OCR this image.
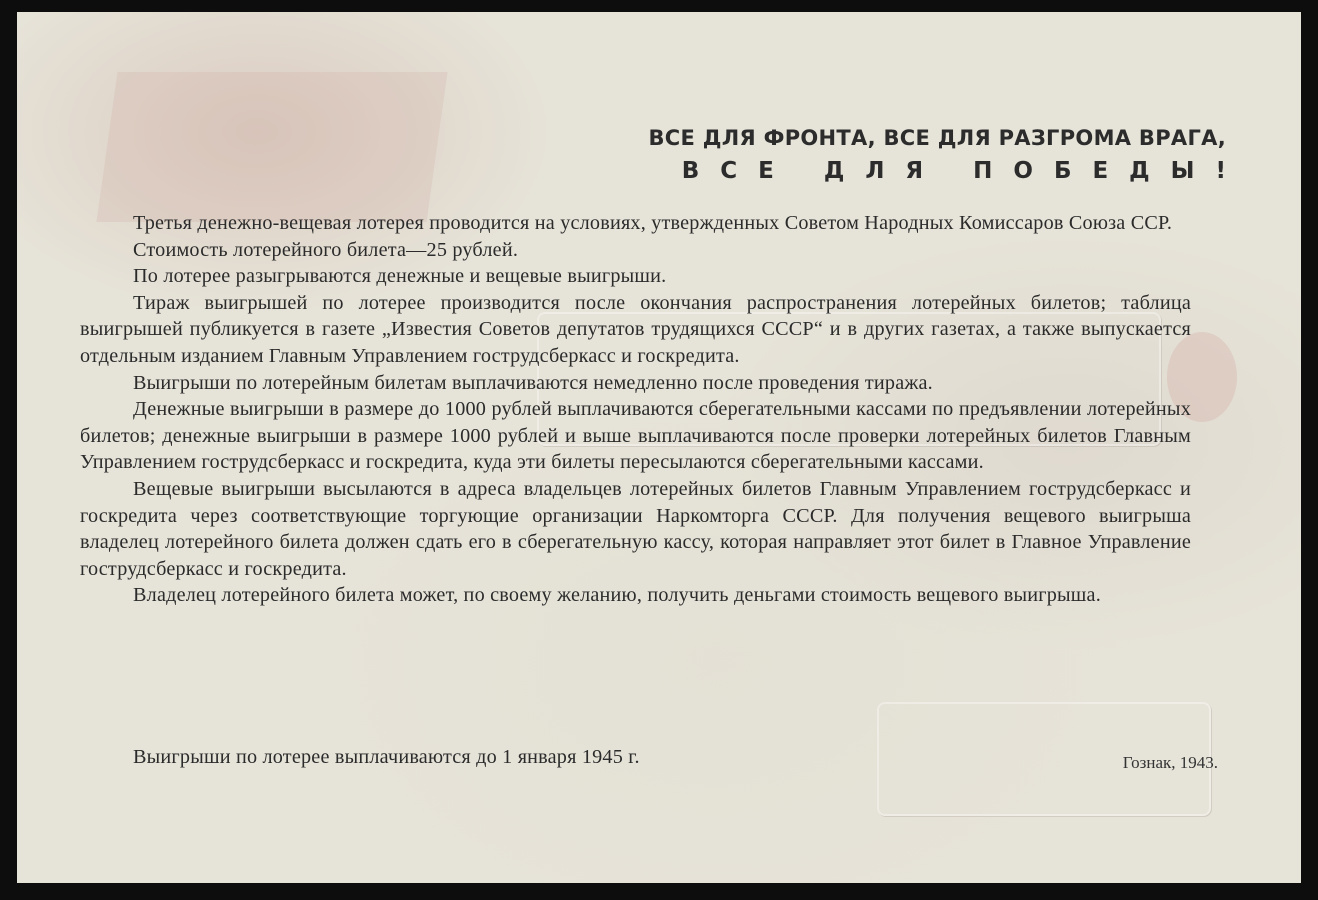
ВСЕ ДЛЯ ФРОНТА, ВСЕ ДЛЯ РАЗГРОМА ВРАГА,
ВСЕ ДЛЯ ПОБЕДЫ!

Третья денежно-вещевая лотерея проводится на условиях, утвержденных Советом Народных Комиссаров Союза ССР.

Стоимость лотерейного билета—25 рублей.

По лотерее разыгрываются денежные и вещевые выигрыши.

Тираж выигрышей по лотерее производится после окончания распространения лотерейных билетов; таблица выигрышей публикуется в газете „Известия Советов депутатов трудящихся СССР“ и в других газетах, а также выпускается отдельным изданием Главным Управлением гострудсберкасс и госкредита.

Выигрыши по лотерейным билетам выплачиваются немедленно после проведения тиража.

Денежные выигрыши в размере до 1000 рублей выплачиваются сберегательными кассами по предъявлении лотерейных билетов; денежные выигрыши в размере 1000 рублей и выше выплачиваются после проверки лотерейных билетов Главным Управлением гострудсберкасс и госкредита, куда эти билеты пересылаются сберегательными кассами.

Вещевые выигрыши высылаются в адреса владельцев лотерейных билетов Главным Управлением гострудсберкасс и госкредита через соответствующие торгующие организации Наркомторга СССР. Для получения вещевого выигрыша владелец лотерейного билета должен сдать его в сберегательную кассу, которая направляет этот билет в Главное Управление гострудсберкасс и госкредита.

Владелец лотерейного билета может, по своему желанию, получить деньгами стоимость вещевого выигрыша.

Выигрыши по лотерее выплачиваются до 1 января 1945 г.	Гознак, 1943.
